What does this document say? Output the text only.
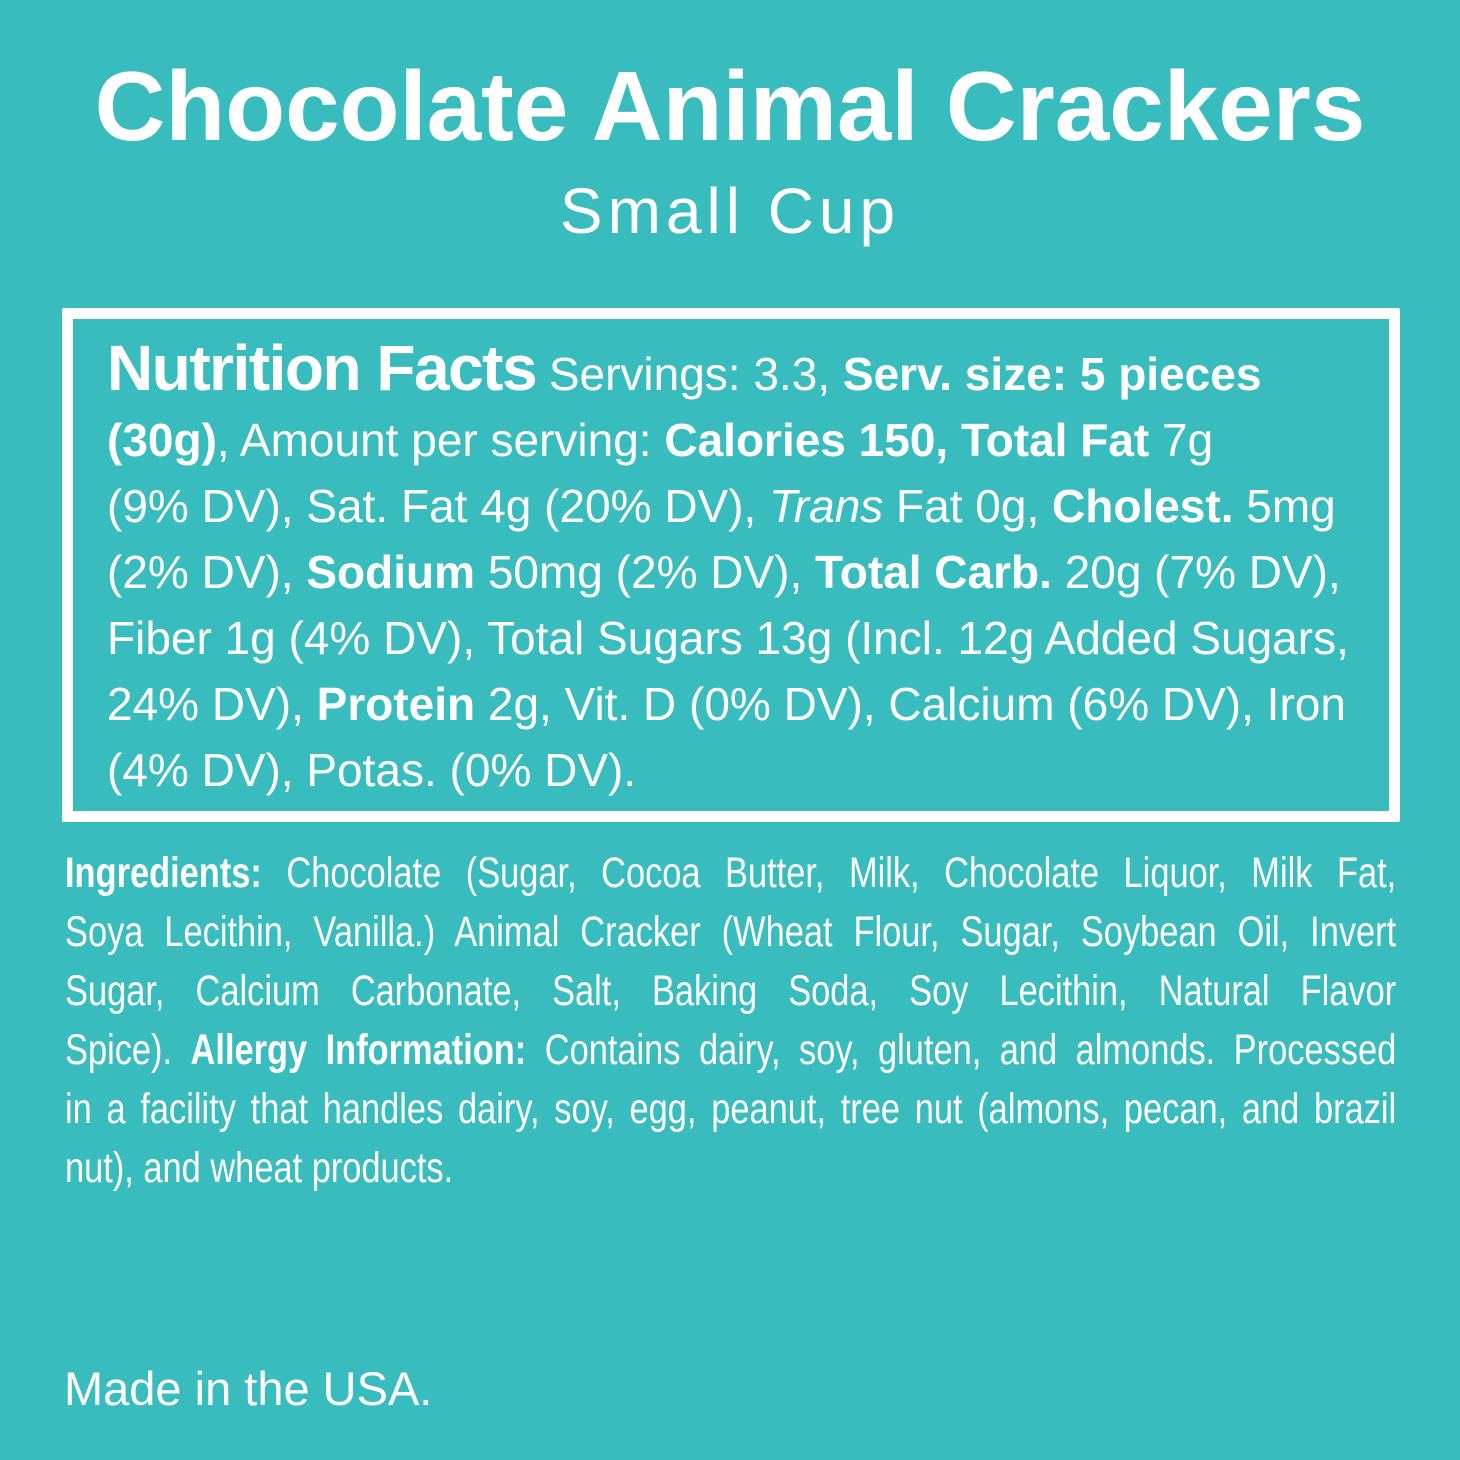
Chocolate Animal Crackers
Small Cup
Nutrition Facts Servings: 3.3, Serv. size: 5 pieces
(30g), Amount per serving: Calories 150, Total Fat 7g
(9% DV), Sat. Fat 4g (20% DV), Trans Fat 0g, Cholest. 5mg
(2% DV), Sodium 50mg (2% DV), Total Carb. 20g (7% DV),
Fiber 1g (4% DV), Total Sugars 13g (Incl. 12g Added Sugars,
24% DV), Protein 2g, Vit. D (0% DV), Calcium (6% DV), Iron
(4% DV), Potas. (0% DV).
Ingredients: Chocolate (Sugar, Cocoa Butter, Milk, Chocolate Liquor, Milk Fat,
Soya Lecithin, Vanilla.) Animal Cracker (Wheat Flour, Sugar, Soybean Oil, Invert
Sugar, Calcium Carbonate, Salt, Baking Soda, Soy Lecithin, Natural Flavor
Spice). Allergy Information: Contains dairy, soy, gluten, and almonds. Processed
in a facility that handles dairy, soy, egg, peanut, tree nut (almons, pecan, and brazil
nut), and wheat products.
Made in the USA.
